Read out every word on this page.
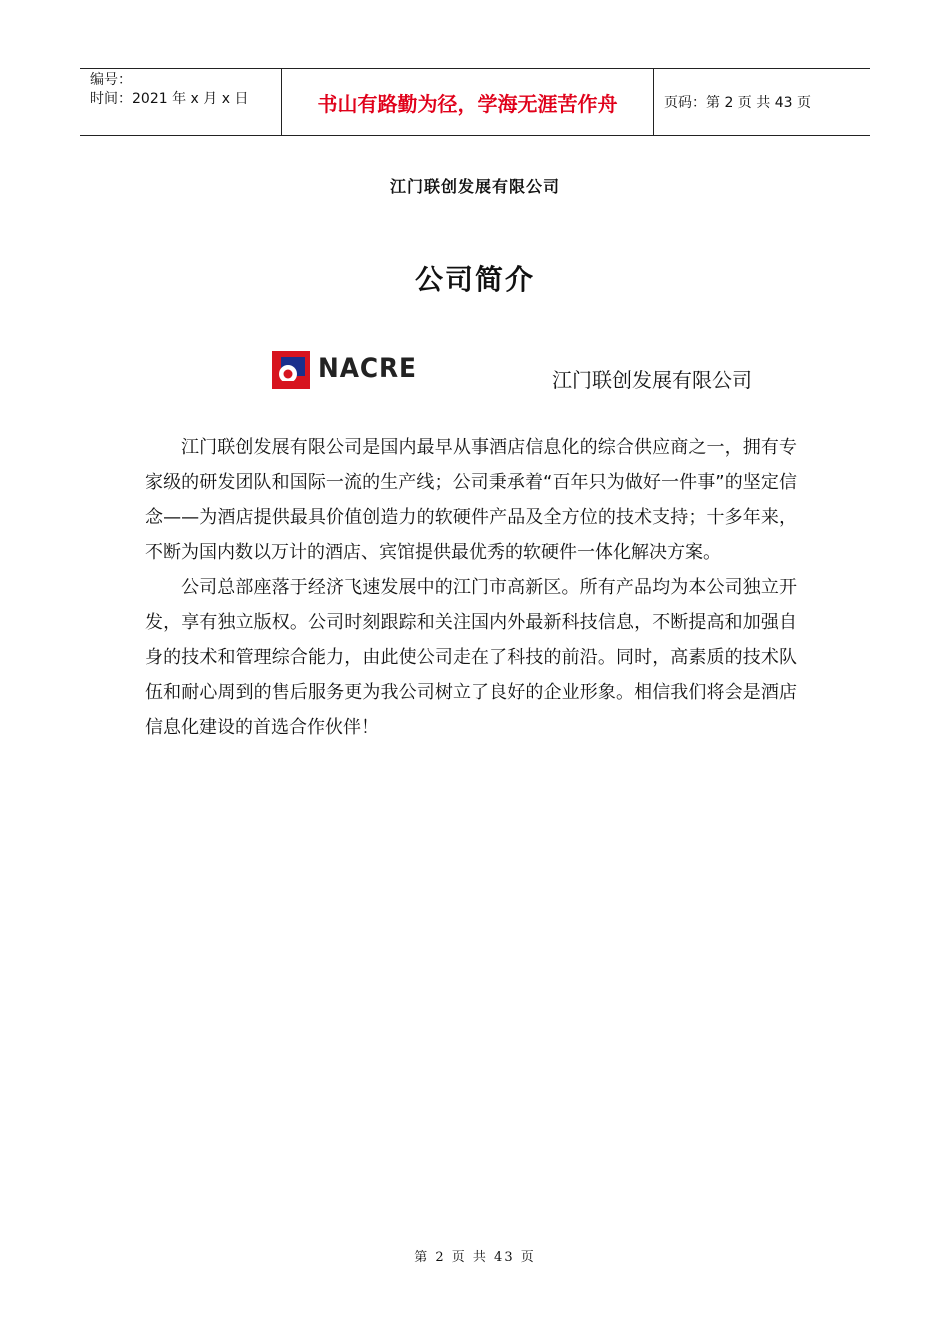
编号：
时间：2021 年 x 月 x 日	书山有路勤为径，学海无涯苦作舟	页码：第 2 页 共 43 页
江门联创发展有限公司
公司简介
NACRE	江门联创发展有限公司

江门联创发展有限公司是国内最早从事酒店信息化的综合供应商之一，拥有专家级的研发团队和国际一流的生产线；公司秉承着“百年只为做好一件事”的坚定信念——为酒店提供最具价值创造力的软硬件产品及全方位的技术支持；十多年来，不断为国内数以万计的酒店、宾馆提供最优秀的软硬件一体化解决方案。

公司总部座落于经济飞速发展中的江门市高新区。所有产品均为本公司独立开发，享有独立版权。公司时刻跟踪和关注国内外最新科技信息，不断提高和加强自身的技术和管理综合能力，由此使公司走在了科技的前沿。同时，高素质的技术队伍和耐心周到的售后服务更为我公司树立了良好的企业形象。相信我们将会是酒店信息化建设的首选合作伙伴！

第 2 页 共 43 页
